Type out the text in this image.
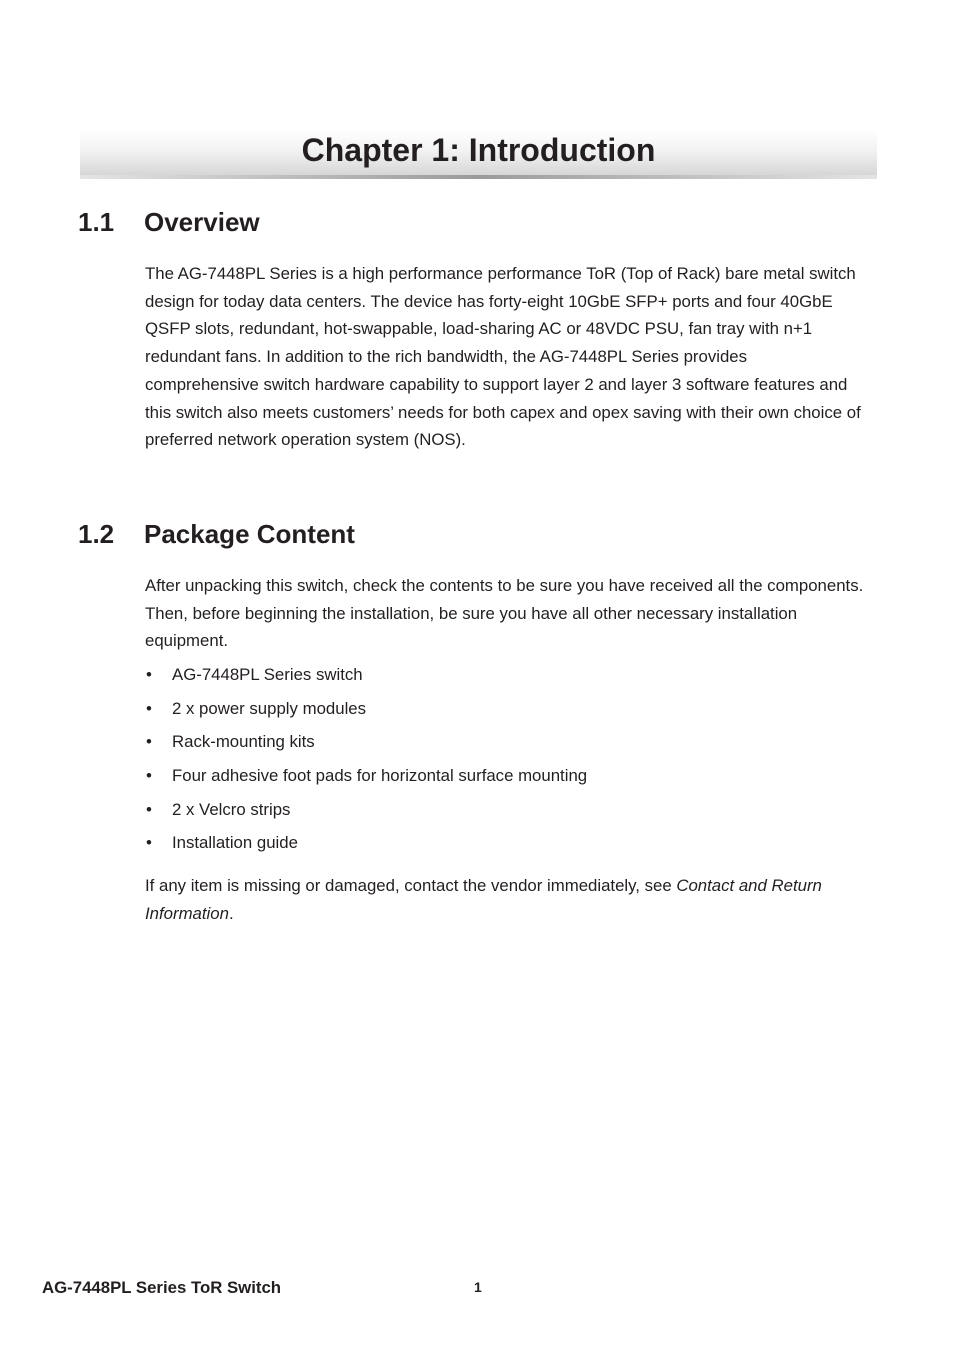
Chapter 1: Introduction
1.1 Overview

The AG-7448PL Series is a high performance performance ToR (Top of Rack) bare metal switch design for today data centers. The device has forty-eight 10GbE SFP+ ports and four 40GbE QSFP slots, redundant, hot-swappable, load-sharing AC or 48VDC PSU, fan tray with n+1 redundant fans. In addition to the rich bandwidth, the AG-7448PL Series provides comprehensive switch hardware capability to support layer 2 and layer 3 software features and this switch also meets customers’ needs for both capex and opex saving with their own choice of preferred network operation system (NOS).

1.2 Package Content

After unpacking this switch, check the contents to be sure you have received all the components. Then, before beginning the installation, be sure you have all other necessary installation equipment.

• AG-7448PL Series switch
• 2 x power supply modules
• Rack-mounting kits
• Four adhesive foot pads for horizontal surface mounting
• 2 x Velcro strips
• Installation guide

If any item is missing or damaged, contact the vendor immediately, see Contact and Return Information.

AG-7448PL Series ToR Switch	1
